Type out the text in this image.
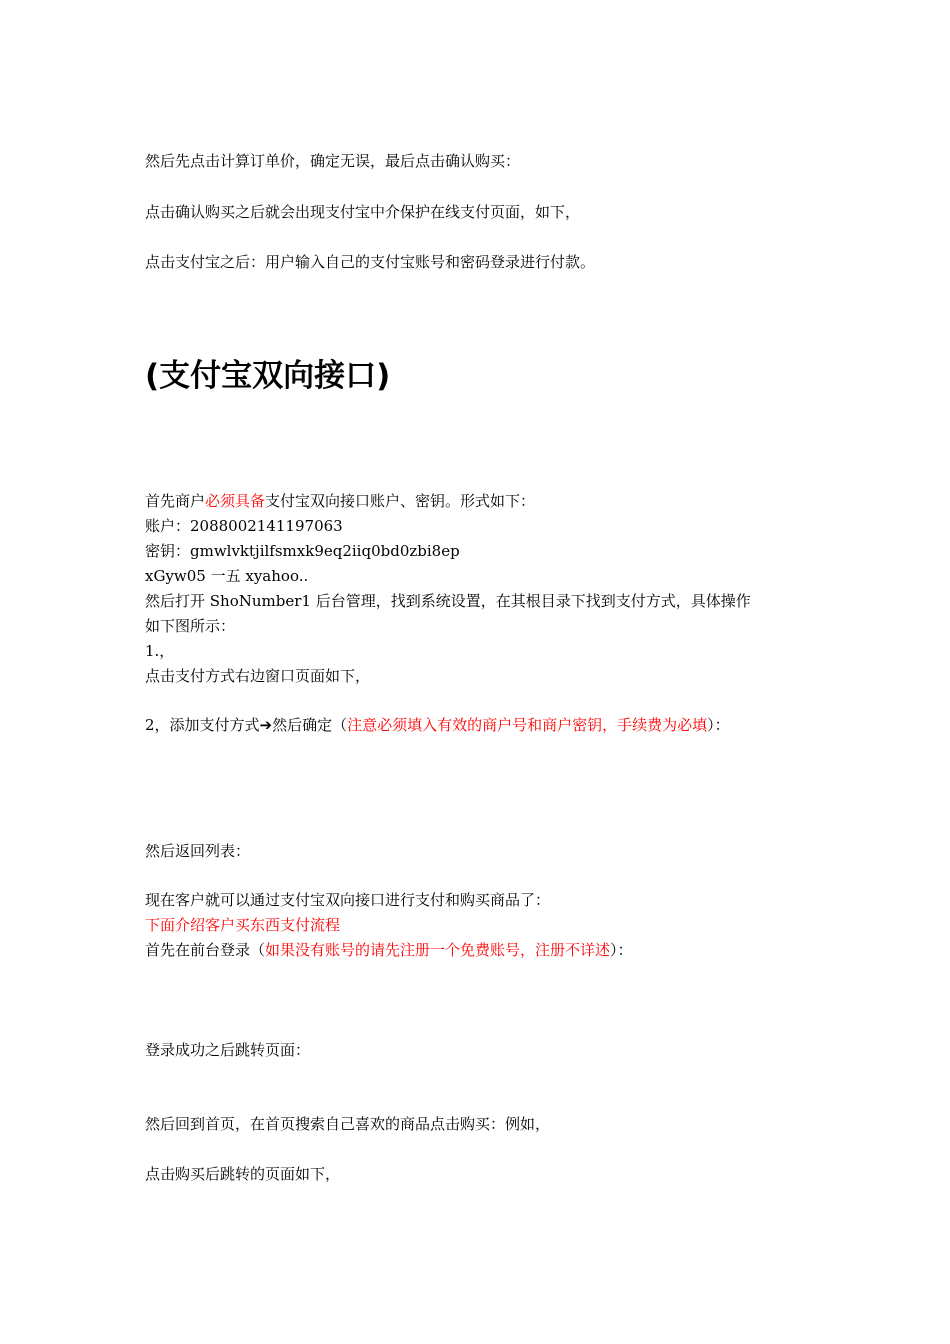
然后先点击计算订单价，确定无误，最后点击确认购买：
点击确认购买之后就会出现支付宝中介保护在线支付页面，如下，
点击支付宝之后：用户输入自己的支付宝账号和密码登录进行付款。
(支付宝双向接口)
首先商户必须具备支付宝双向接口账户、密钥。形式如下：
账户：2088002141197063
密钥：gmwlvktjilfsmxk9eq2iiq0bd0zbi8ep
xGyw05 一五 xyahoo..
然后打开 ShoNumber1 后台管理，找到系统设置，在其根目录下找到支付方式，具体操作
如下图所示：
1.，
点击支付方式右边窗口页面如下，
2，添加支付方式➔然后确定（注意必须填入有效的商户号和商户密钥，手续费为必填）：
然后返回列表：
现在客户就可以通过支付宝双向接口进行支付和购买商品了：
下面介绍客户买东西支付流程
首先在前台登录（如果没有账号的请先注册一个免费账号，注册不详述）：
登录成功之后跳转页面：
然后回到首页，在首页搜索自己喜欢的商品点击购买：例如，
点击购买后跳转的页面如下，
